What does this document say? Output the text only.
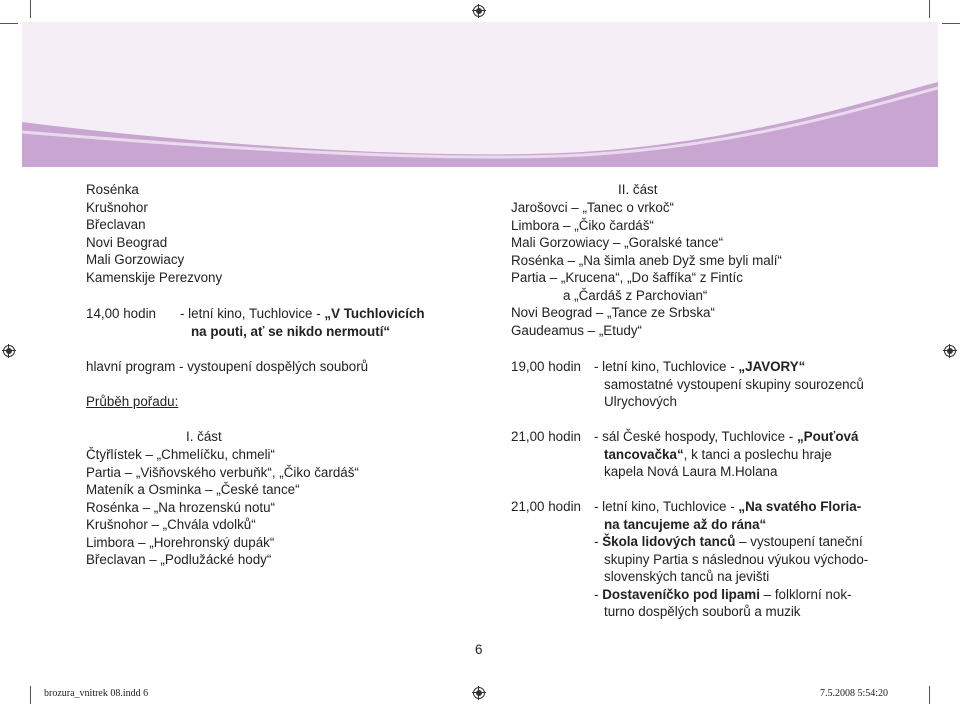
Rosénka
Krušnohor
Břeclavan
Novi Beograd
Mali Gorzowiacy
Kamenskije Perezvony
14,00 hodin - letní kino, Tuchlovice - „V Tuchlovicích
na pouti, ať se nikdo nermoutí“
hlavní program - vystoupení dospělých souborů
Průběh pořadu:
I. část
Čtyřlístek – „Chmelíčku, chmeli“
Partia – „Višňovského verbuňk“, „Čiko čardáš“
Mateník a Osminka – „České tance“
Rosénka – „Na hrozenskú notu“
Krušnohor – „Chvála vdolků“
Limbora – „Horehronský dupák“
Břeclavan – „Podlužácké hody“
II. část
Jarošovci – „Tanec o vrkoč“
Limbora – „Čiko čardáš“
Mali Gorzowiacy – „Goralské tance“
Rosénka – „Na šimla aneb Dyž sme byli malí“
Partia – „Krucena“, „Do šaffíka“ z Fintíc
a „Čardáš z Parchovian“
Novi Beograd – „Tance ze Srbska“
Gaudeamus – „Etudy“
19,00 hodin - letní kino, Tuchlovice - „JAVORY“
samostatné vystoupení skupiny sourozenců
Ulrychových
21,00 hodin - sál České hospody, Tuchlovice - „Pouťová
tancovačka“, k tanci a poslechu hraje
kapela Nová Laura M.Holana
21,00 hodin - letní kino, Tuchlovice - „Na svatého Floria-
na tancujeme až do rána“
- Škola lidových tanců – vystoupení taneční
skupiny Partia s následnou výukou východo-
slovenských tanců na jevišti
- Dostaveníčko pod lipami – folklorní nok-
turno dospělých souborů a muzik
6
brozura_vnitrek 08.indd 6	7.5.2008 5:54:20
